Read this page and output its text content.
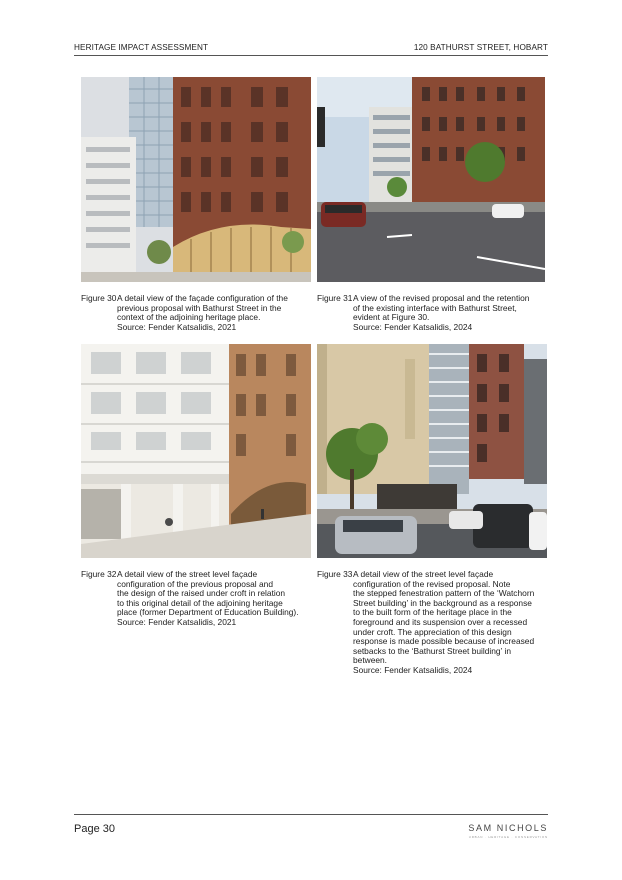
HERITAGE IMPACT ASSESSMENT	120 BATHURST STREET, HOBART
Figure 30 A detail view of the façade configuration of the
previous proposal with Bathurst Street in the
context of the adjoining heritage place.
Source: Fender Katsalidis, 2021
Figure 31 A view of the revised proposal and the retention
of the existing interface with Bathurst Street,
evident at Figure 30.
Source: Fender Katsalidis, 2024
Figure 32 A detail view of the street level façade
configuration of the previous proposal and
the design of the raised under croft in relation
to this original detail of the adjoining heritage
place (former Department of Education Building).
Source: Fender Katsalidis, 2021
Figure 33 A detail view of the street level façade
configuration of the revised proposal. Note
the stepped fenestration pattern of the ‘Watchorn
Street building’ in the background as a response
to the built form of the heritage place in the
foreground and its suspension over a recessed
under croft. The appreciation of this design
response is made possible because of increased
setbacks to the ‘Bathurst Street building’ in
between.
Source: Fender Katsalidis, 2024
Page 30	SAM NICHOLS
URBAN · HERITAGE · CONSERVATION
